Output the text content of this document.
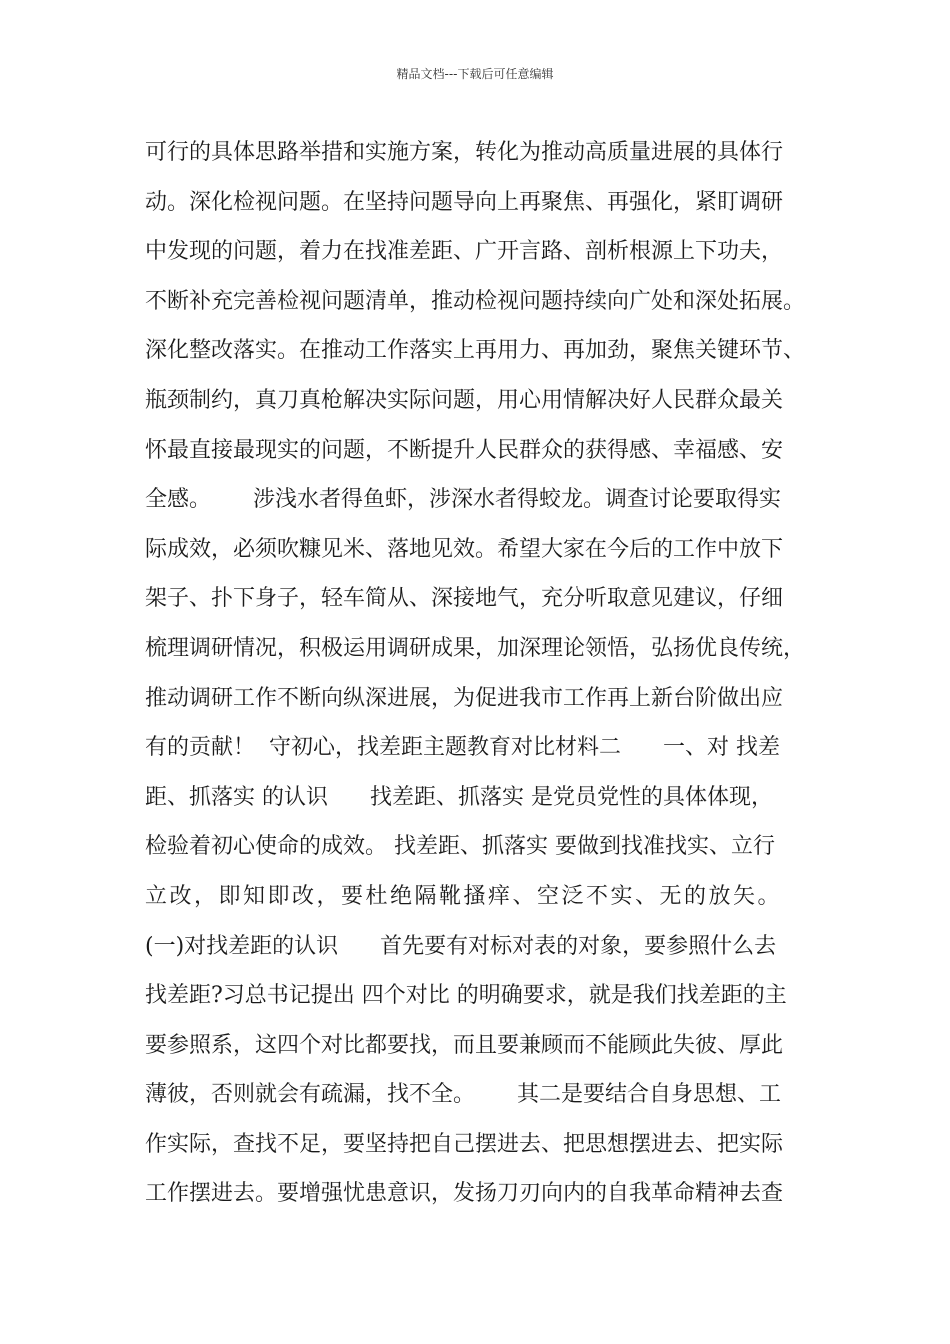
精品文档---下载后可任意编辑
可行的具体思路举措和实施方案，转化为推动高质量进展的具体行
动。深化检视问题。在坚持问题导向上再聚焦、再强化，紧盯调研
中发现的问题，着力在找准差距、广开言路、剖析根源上下功夫，
不断补充完善检视问题清单，推动检视问题持续向广处和深处拓展。
深化整改落实。在推动工作落实上再用力、再加劲，聚焦关键环节、
瓶颈制约，真刀真枪解决实际问题，用心用情解决好人民群众最关
怀最直接最现实的问题，不断提升人民群众的获得感、幸福感、安
全感。      涉浅水者得鱼虾，涉深水者得蛟龙。调查讨论要取得实
际成效，必须吹糠见米、落地见效。希望大家在今后的工作中放下
架子、扑下身子，轻车简从、深接地气，充分听取意见建议，仔细
梳理调研情况，积极运用调研成果，加深理论领悟，弘扬优良传统，
推动调研工作不断向纵深进展，为促进我市工作再上新台阶做出应
有的贡献！  守初心，找差距主题教育对比材料二      一、对 找差
距、抓落实 的认识      找差距、抓落实 是党员党性的具体体现，
检验着初心使命的成效。 找差距、抓落实 要做到找准找实、立行
立改，即知即改，要杜绝隔靴搔痒、空泛不实、无的放矢。
(一)对找差距的认识      首先要有对标对表的对象，要参照什么去
找差距?习总书记提出 四个对比 的明确要求，就是我们找差距的主
要参照系，这四个对比都要找，而且要兼顾而不能顾此失彼、厚此
薄彼，否则就会有疏漏，找不全。      其二是要结合自身思想、工
作实际，查找不足，要坚持把自己摆进去、把思想摆进去、把实际
工作摆进去。要增强忧患意识，发扬刀刃向内的自我革命精神去查
